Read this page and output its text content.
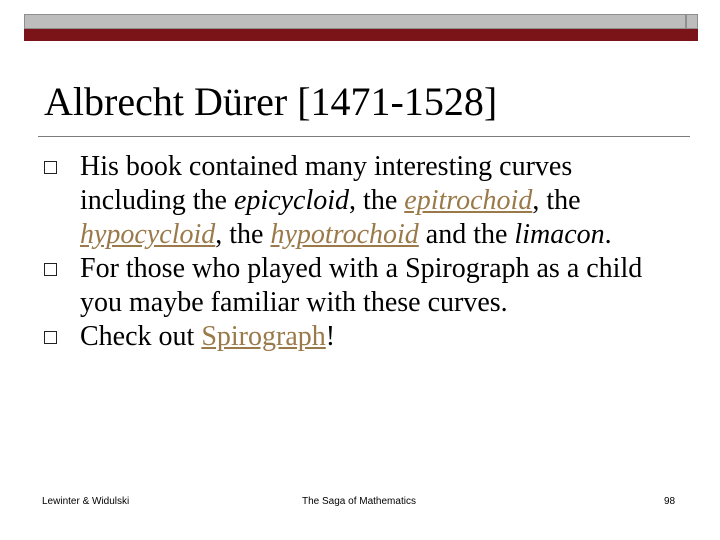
Albrecht Dürer [1471-1528]
His book contained many interesting curves including the epicycloid, the epitrochoid, the hypocycloid, the hypotrochoid and the limacon.
For those who played with a Spirograph as a child you maybe familiar with these curves.
Check out Spirograph!
Lewinter & Widulski	The Saga of Mathematics	98
